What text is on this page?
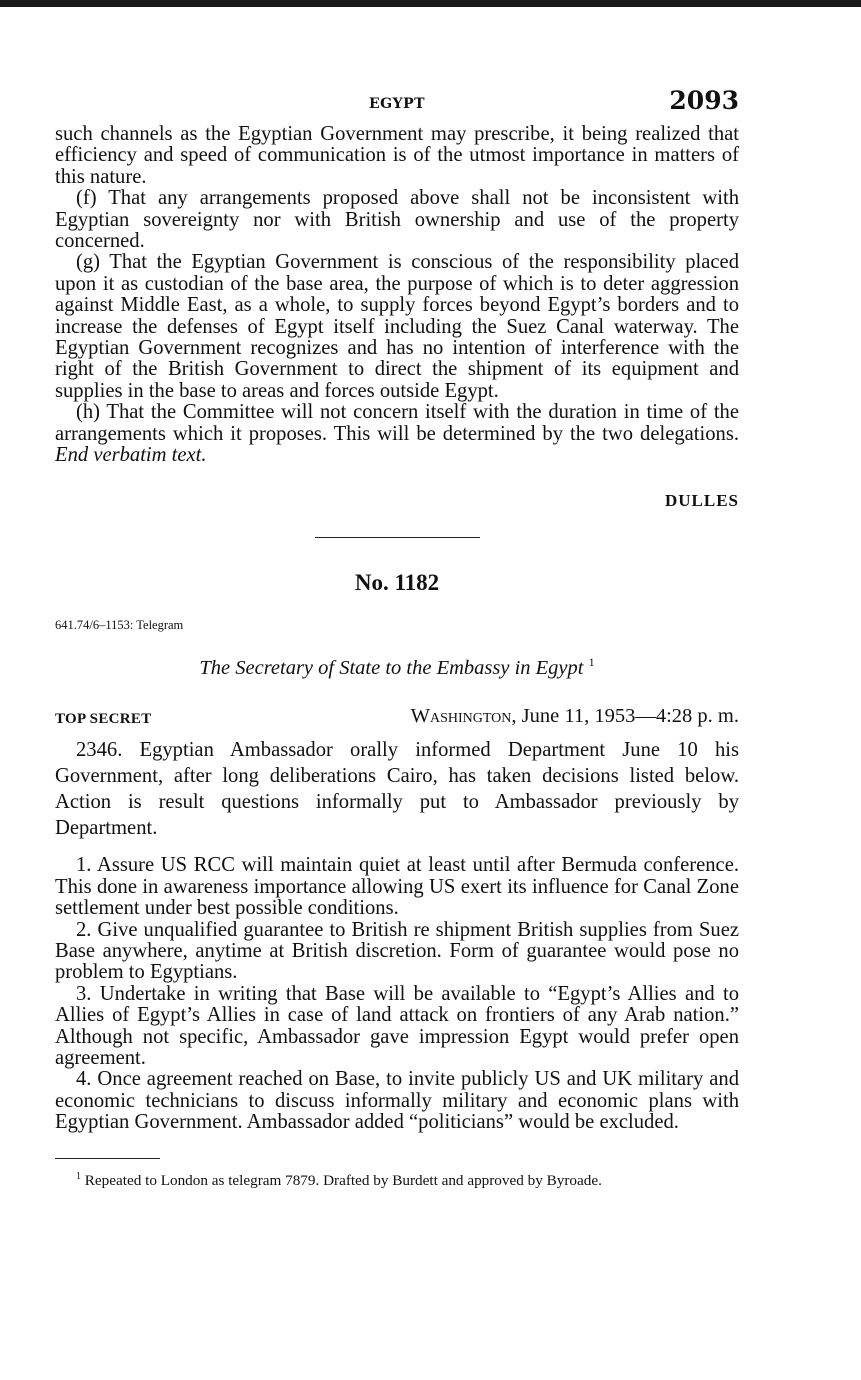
EGYPT	2093

such channels as the Egyptian Government may prescribe, it being realized that efficiency and speed of communication is of the utmost importance in matters of this nature.

(f) That any arrangements proposed above shall not be inconsistent with Egyptian sovereignty nor with British ownership and use of the property concerned.

(g) That the Egyptian Government is conscious of the responsibility placed upon it as custodian of the base area, the purpose of which is to deter aggression against Middle East, as a whole, to supply forces beyond Egypt’s borders and to increase the defenses of Egypt itself including the Suez Canal waterway. The Egyptian Government recognizes and has no intention of interference with the right of the British Government to direct the shipment of its equipment and supplies in the base to areas and forces outside Egypt.

(h) That the Committee will not concern itself with the duration in time of the arrangements which it proposes. This will be determined by the two delegations. End verbatim text.

DULLES
No. 1182
641.74/6–1153: Telegram
The Secretary of State to the Embassy in Egypt $^1$
TOP SECRET	Washington, June 11, 1953—4:28 p. m.

2346. Egyptian Ambassador orally informed Department June 10 his Government, after long deliberations Cairo, has taken decisions listed below. Action is result questions informally put to Ambassador previously by Department.

1. Assure US RCC will maintain quiet at least until after Bermuda conference. This done in awareness importance allowing US exert its influence for Canal Zone settlement under best possible conditions.

2. Give unqualified guarantee to British re shipment British supplies from Suez Base anywhere, anytime at British discretion. Form of guarantee would pose no problem to Egyptians.

3. Undertake in writing that Base will be available to “Egypt’s Allies and to Allies of Egypt’s Allies in case of land attack on frontiers of any Arab nation.” Although not specific, Ambassador gave impression Egypt would prefer open agreement.

4. Once agreement reached on Base, to invite publicly US and UK military and economic technicians to discuss informally military and economic plans with Egyptian Government. Ambassador added “politicians” would be excluded.

$^1$ Repeated to London as telegram 7879. Drafted by Burdett and approved by Byroade.
